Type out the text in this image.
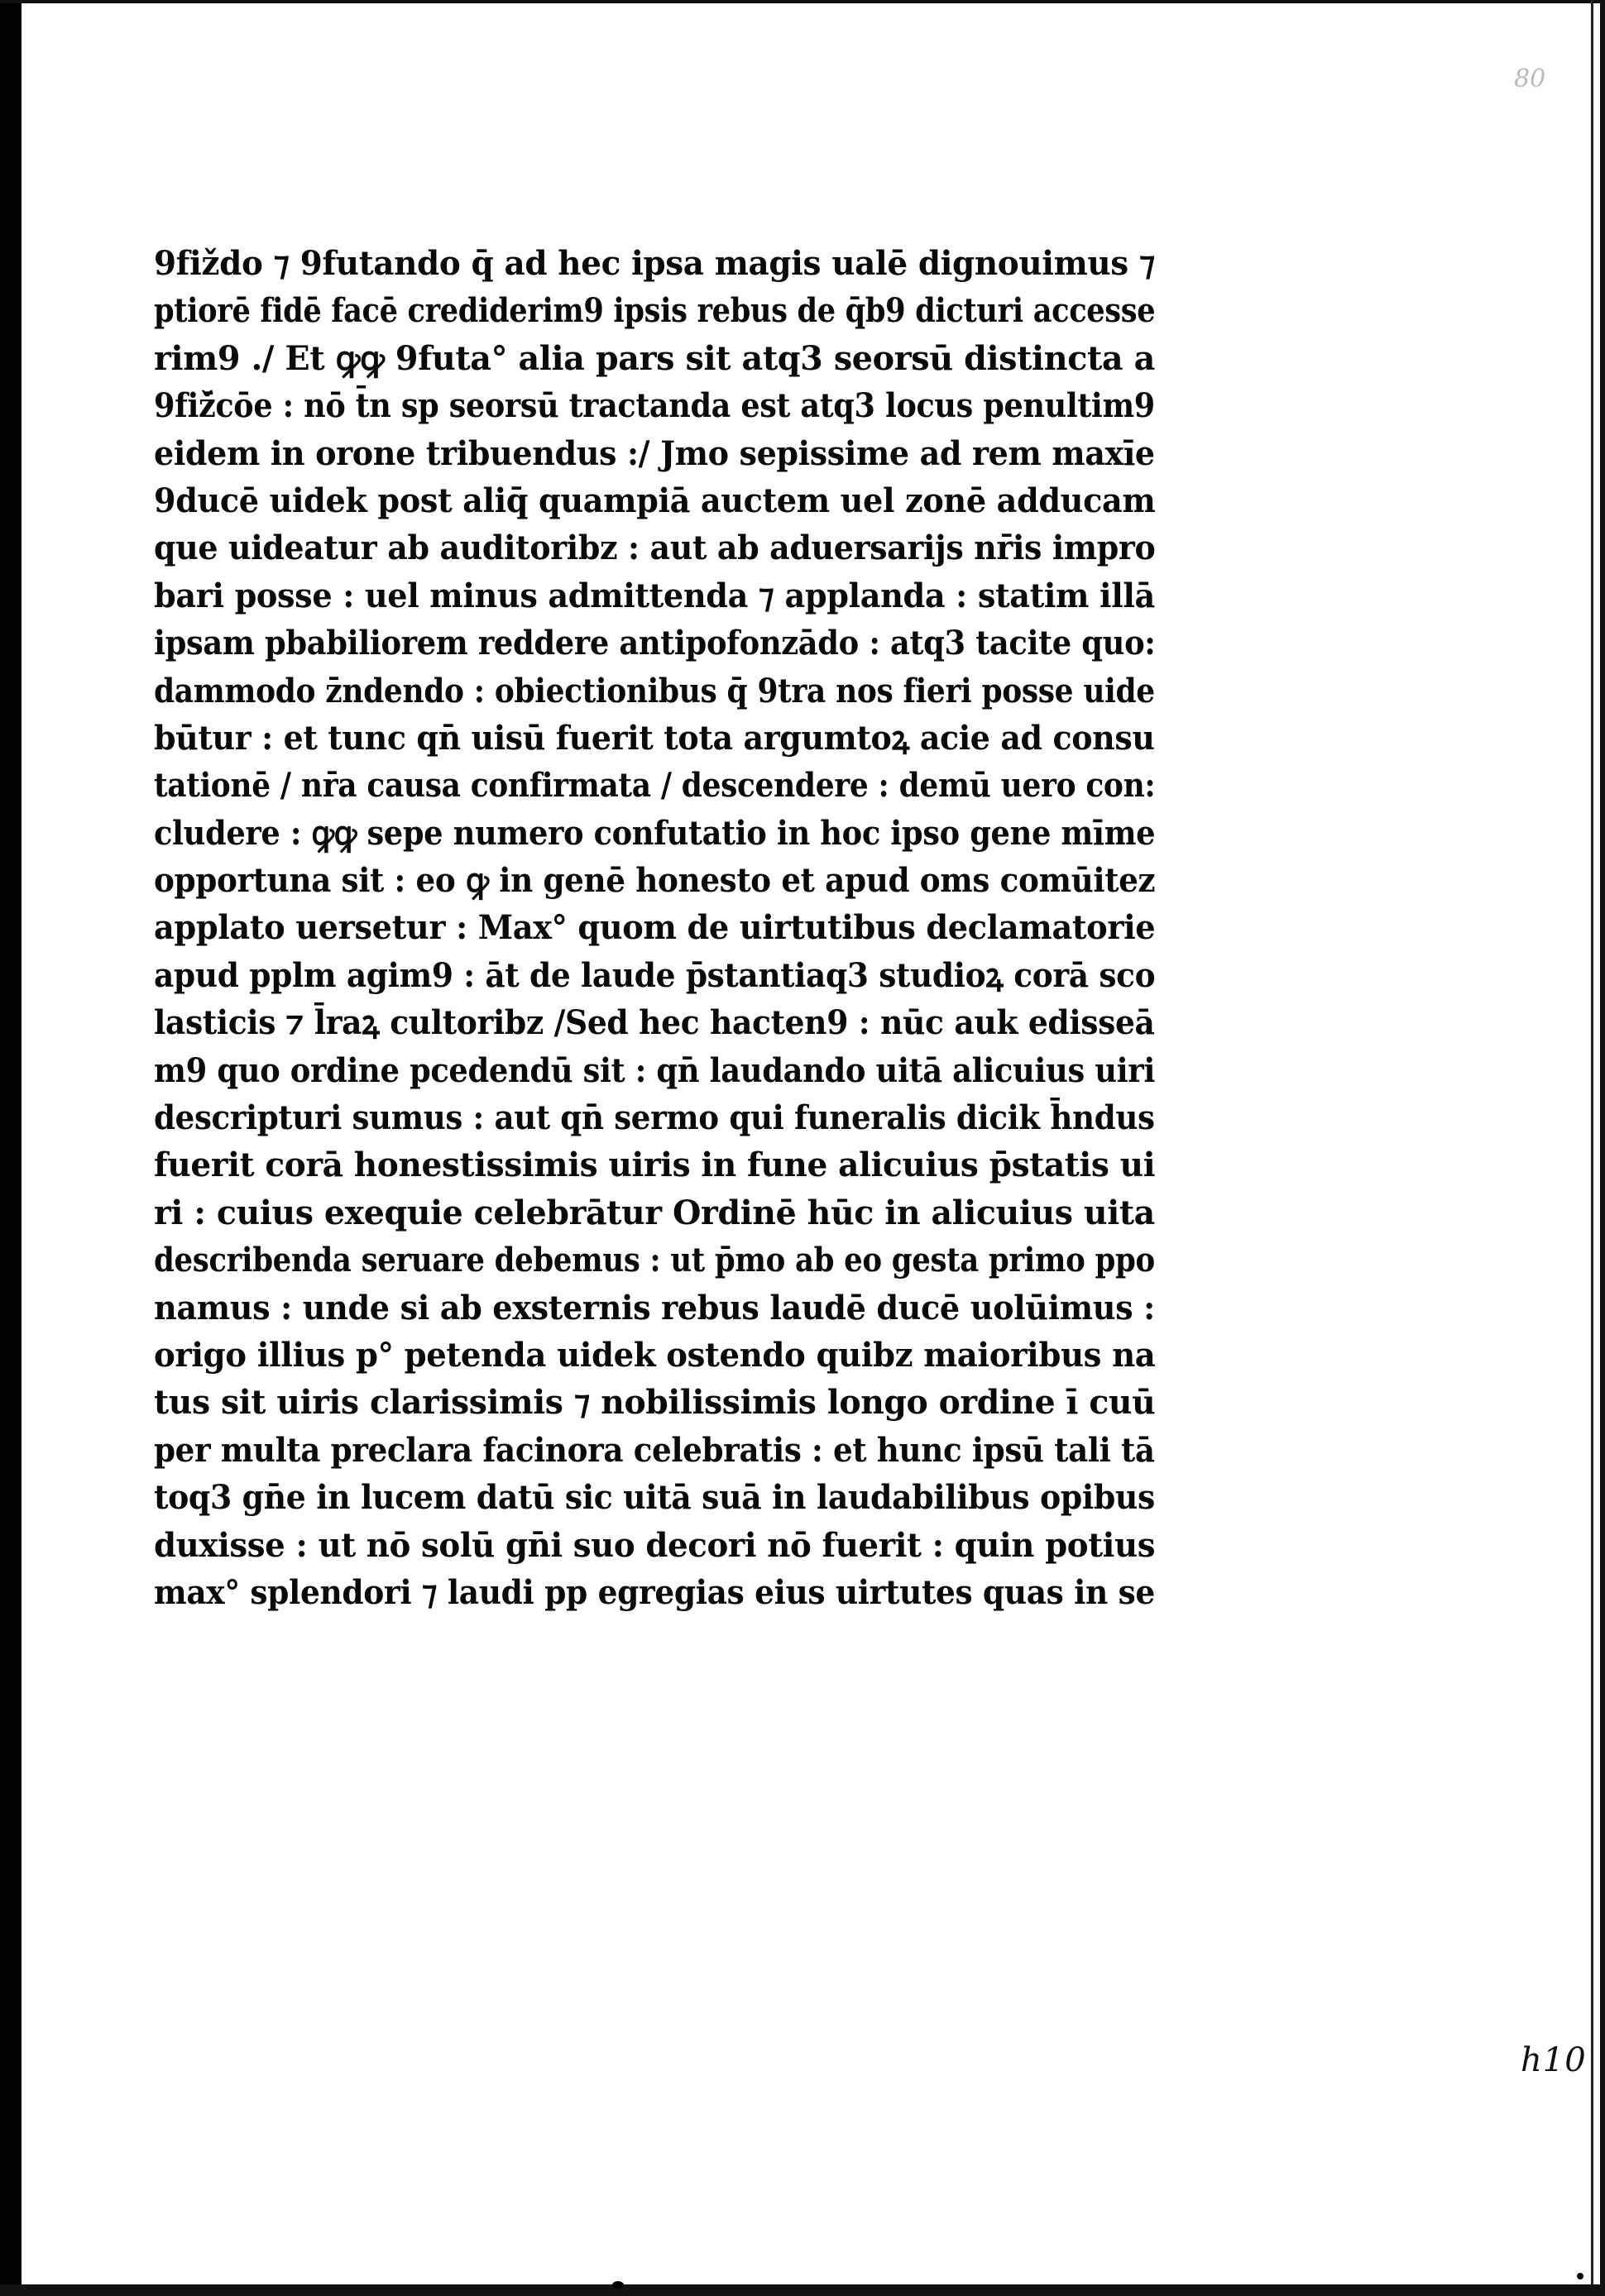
80
h10
9fiždo ⁊ 9futando q̄ ad hec ipsa magis ualē dignouimus ⁊
ptiorē fidē facē crediderim9 ipsis rebus de q̄b9 dicturi accesse
rim9 ./ Et ꝙꝙ 9futa° alia pars sit atq3 seorsū distincta a
9fiž̄cōe : nō t̄n sp seorsū tractanda est atq3 locus penultim9
eidem in orone tribuendus :/ Jmo sepissime ad rem maxīe
9ducē uidek post aliq̄ quampiā auctem uel zonē adducam
que uideatur ab auditoribz : aut ab aduersarijs nr̄is impro
bari posse : uel minus admittenda ⁊ applanda : statim illā
ipsam pbabiliorem reddere antipofonzādo : atq3 tacite quo:
dammodo z̄ndendo : obiectionibus q̄ 9tra nos fieri posse uide
būtur : et tunc qn̄ uisū fuerit tota argumtoꝝ acie ad consu
tationē / nr̄a causa confirmata / descendere : demū uero con:
cludere : ꝙꝙ sepe numero confutatio in hoc ipso gene mīme
opportuna sit : eo ꝙ in genē honesto et apud oms comūitez
applato uersetur : Max° quom de uirtutibus declamatorie
apud pplm agim9 : āt de laude p̄stantiaq3 studioꝝ corā sco
lasticis ⁊ l̄raꝝ cultoribz /Sed hec hacten9 : nūc auk edisseā
m9 quo ordine pcedendū sit : qn̄ laudando uitā alicuius uiri
descripturi sumus : aut qn̄ sermo qui funeralis dicik h̄ndus
fuerit corā honestissimis uiris in fune alicuius p̄statis ui
ri : cuius exequie celebrātur Ordinē hūc in alicuius uita
describenda seruare debemus : ut p̄mo ab eo gesta primo ppo
namus : unde si ab exsternis rebus laudē ducē uolūimus :
origo illius p° petenda uidek ostendo quibz maioribus na
tus sit uiris clarissimis ⁊ nobilissimis longo ordine ī cuū
per multa preclara facinora celebratis : et hunc ipsū tali tā
toq3 gn̄e in lucem datū sic uitā suā in laudabilibus opibus
duxisse : ut nō solū gn̄i suo decori nō fuerit : quin potius
max° splendori ⁊ laudi pp egregias eius uirtutes quas in se
